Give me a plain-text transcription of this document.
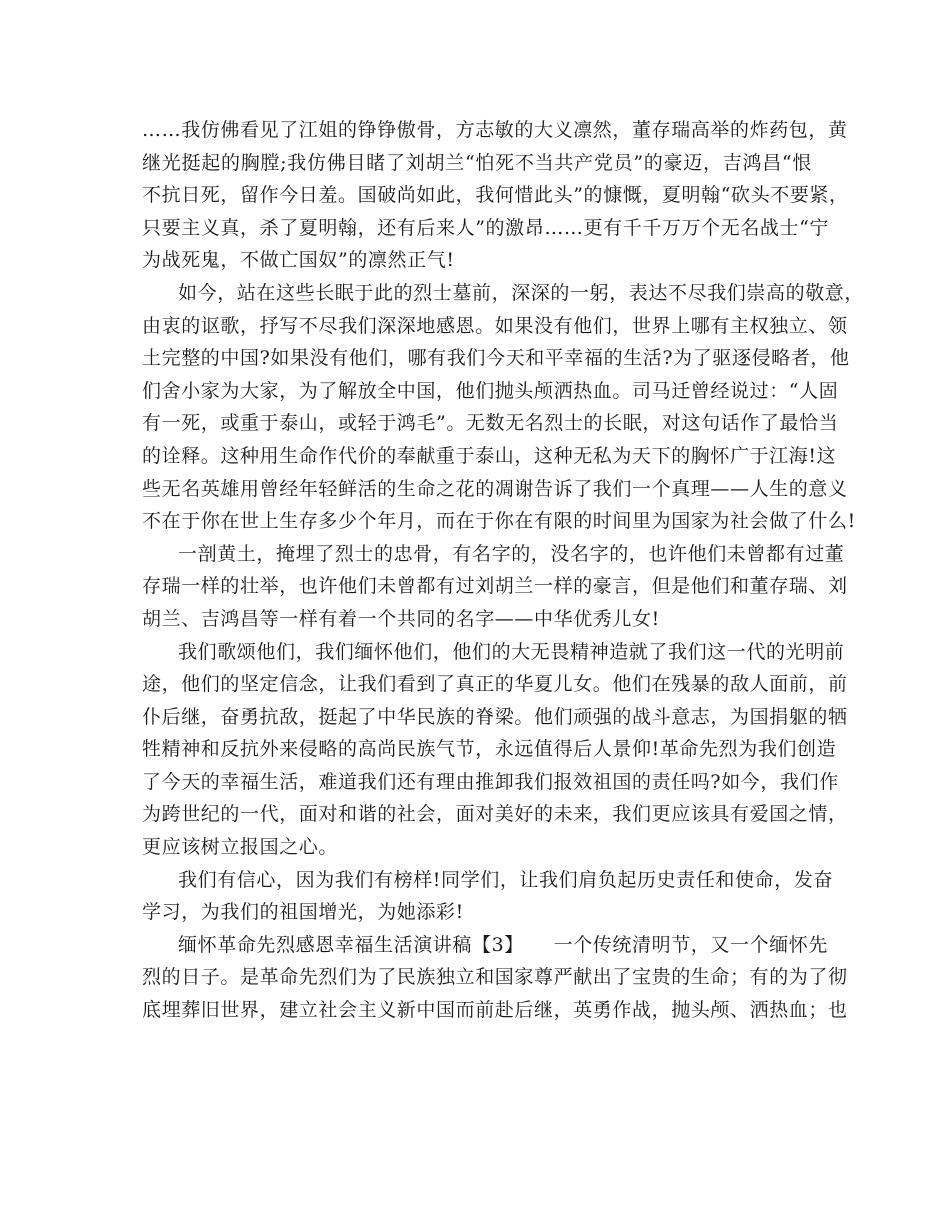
……我仿佛看见了江姐的铮铮傲骨，方志敏的大义凛然，董存瑞高举的炸药包，黄
继光挺起的胸膛;我仿佛目睹了刘胡兰“怕死不当共产党员”的豪迈，吉鸿昌“恨
不抗日死，留作今日羞。国破尚如此，我何惜此头”的慷慨，夏明翰“砍头不要紧，
只要主义真，杀了夏明翰，还有后来人”的激昂……更有千千万万个无名战士“宁
为战死鬼，不做亡国奴”的凛然正气!
如今，站在这些长眠于此的烈士墓前，深深的一躬，表达不尽我们崇高的敬意，
由衷的讴歌，抒写不尽我们深深地感恩。如果没有他们，世界上哪有主权独立、领
土完整的中国?如果没有他们，哪有我们今天和平幸福的生活?为了驱逐侵略者，他
们舍小家为大家，为了解放全中国，他们抛头颅洒热血。司马迁曾经说过：“人固
有一死，或重于泰山，或轻于鸿毛”。无数无名烈士的长眠，对这句话作了最恰当
的诠释。这种用生命作代价的奉献重于泰山，这种无私为天下的胸怀广于江海!这
些无名英雄用曾经年轻鲜活的生命之花的凋谢告诉了我们一个真理——人生的意义
不在于你在世上生存多少个年月，而在于你在有限的时间里为国家为社会做了什么!
一剖黄土，掩埋了烈士的忠骨，有名字的，没名字的，也许他们未曾都有过董
存瑞一样的壮举，也许他们未曾都有过刘胡兰一样的豪言，但是他们和董存瑞、刘
胡兰、吉鸿昌等一样有着一个共同的名字——中华优秀儿女!
我们歌颂他们，我们缅怀他们，他们的大无畏精神造就了我们这一代的光明前
途，他们的坚定信念，让我们看到了真正的华夏儿女。他们在残暴的敌人面前，前
仆后继，奋勇抗敌，挺起了中华民族的脊梁。他们顽强的战斗意志，为国捐躯的牺
牲精神和反抗外来侵略的高尚民族气节，永远值得后人景仰!革命先烈为我们创造
了今天的幸福生活，难道我们还有理由推卸我们报效祖国的责任吗?如今，我们作
为跨世纪的一代，面对和谐的社会，面对美好的未来，我们更应该具有爱国之情，
更应该树立报国之心。
我们有信心，因为我们有榜样!同学们，让我们肩负起历史责任和使命，发奋
学习，为我们的祖国增光，为她添彩!
缅怀革命先烈感恩幸福生活演讲稿【3】　　一个传统清明节，又一个缅怀先
烈的日子。是革命先烈们为了民族独立和国家尊严献出了宝贵的生命；有的为了彻
底埋葬旧世界，建立社会主义新中国而前赴后继，英勇作战，抛头颅、洒热血；也
